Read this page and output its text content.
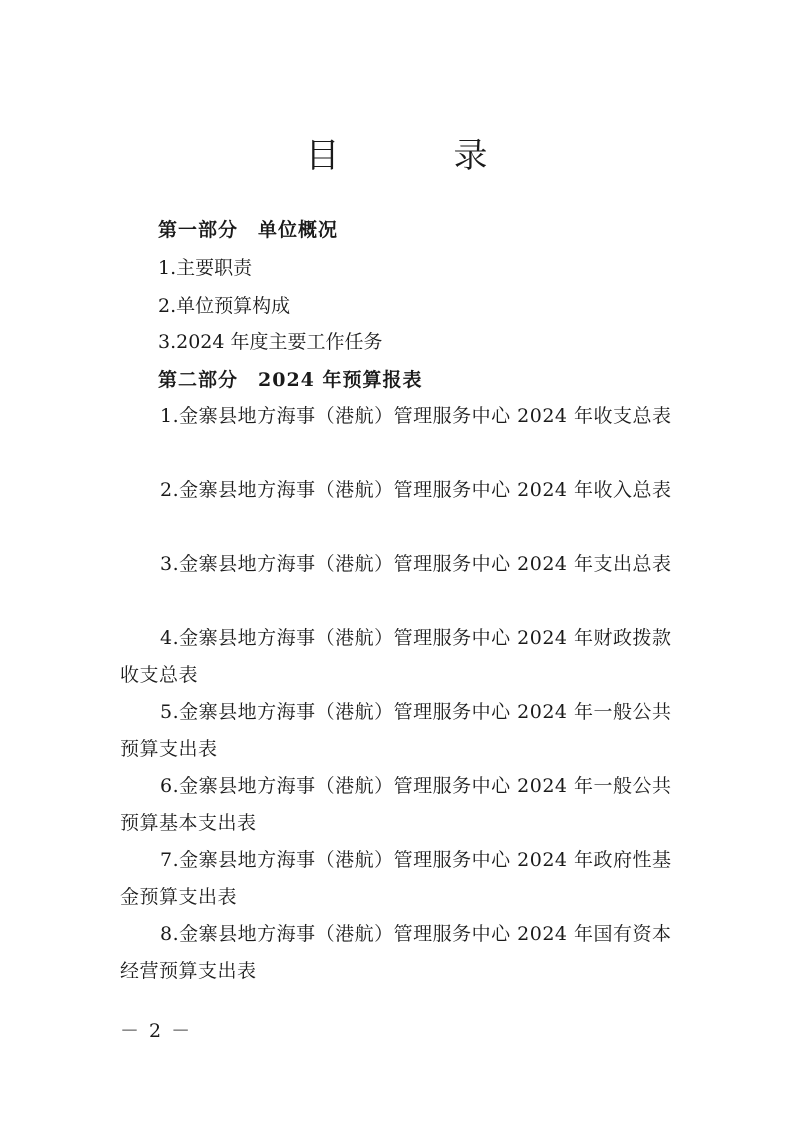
目　录
第一部分　单位概况
1.主要职责
2.单位预算构成
3.2024 年度主要工作任务
第二部分　2024 年预算报表
1.金寨县地方海事（港航）管理服务中心 2024 年收支总表
2.金寨县地方海事（港航）管理服务中心 2024 年收入总表
3.金寨县地方海事（港航）管理服务中心 2024 年支出总表
4.金寨县地方海事（港航）管理服务中心 2024 年财政拨款收支总表
5.金寨县地方海事（港航）管理服务中心 2024 年一般公共预算支出表
6.金寨县地方海事（港航）管理服务中心 2024 年一般公共预算基本支出表
7.金寨县地方海事（港航）管理服务中心 2024 年政府性基金预算支出表
8.金寨县地方海事（港航）管理服务中心 2024 年国有资本经营预算支出表
－ 2 －
